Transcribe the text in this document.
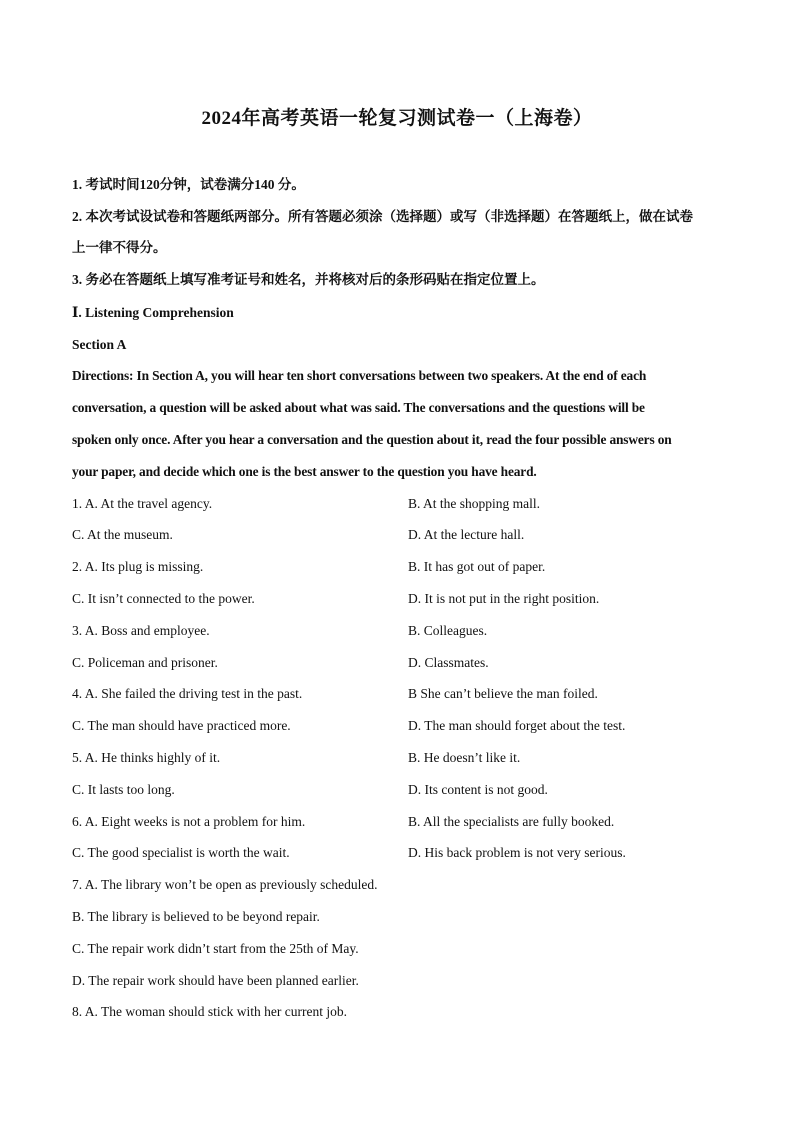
2024年高考英语一轮复习测试卷一（上海卷）
1. 考试时间120分钟，试卷满分140 分。
2. 本次考试设试卷和答题纸两部分。所有答题必须涂（选择题）或写（非选择题）在答题纸上，做在试卷
上一律不得分。
3. 务必在答题纸上填写准考证号和姓名，并将核对后的条形码贴在指定位置上。
Ⅰ. Listening Comprehension
Section A
Directions: In Section A, you will hear ten short conversations between two speakers. At the end of each
conversation, a question will be asked about what was said. The conversations and the questions will be
spoken only once. After you hear a conversation and the question about it, read the four possible answers on
your paper, and decide which one is the best answer to the question you have heard.
1. A. At the travel agency.	B. At the shopping mall.
C. At the museum.	D. At the lecture hall.
2. A. Its plug is missing.	B. It has got out of paper.
C. It isn’t connected to the power.	D. It is not put in the right position.
3. A. Boss and employee.	B. Colleagues.
C. Policeman and prisoner.	D. Classmates.
4. A. She failed the driving test in the past.	B She can’t believe the man foiled.
C. The man should have practiced more.	D. The man should forget about the test.
5. A. He thinks highly of it.	B. He doesn’t like it.
C. It lasts too long.	D. Its content is not good.
6. A. Eight weeks is not a problem for him.	B. All the specialists are fully booked.
C. The good specialist is worth the wait.	D. His back problem is not very serious.
7. A. The library won’t be open as previously scheduled.
B. The library is believed to be beyond repair.
C. The repair work didn’t start from the 25th of May.
D. The repair work should have been planned earlier.
8. A. The woman should stick with her current job.
